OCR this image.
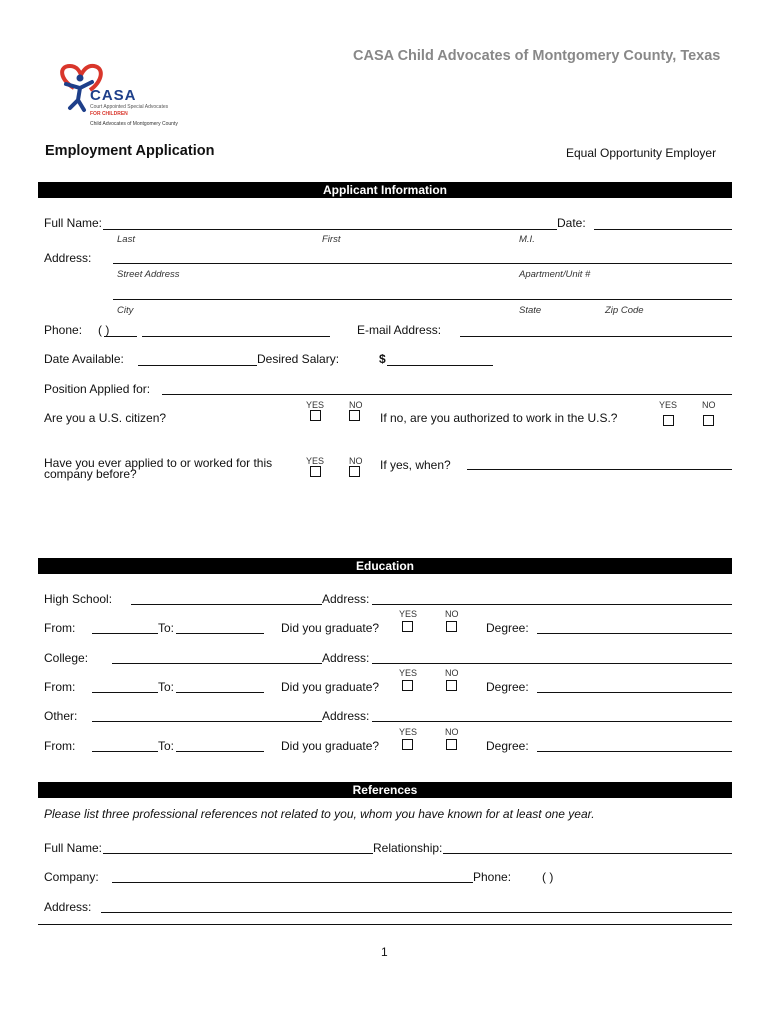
CASA Child Advocates of Montgomery County, Texas
CASA
Court Appointed Special Advocates
FOR CHILDREN
Child Advocates of Montgomery County
Employment Application	Equal Opportunity Employer
Applicant Information
Full Name:	Date:
Last	First	M.I.
Address:
Street Address	Apartment/Unit #
City	State	Zip Code
Phone: ( )	E-mail Address:
Date Available:	Desired Salary:	$
Position Applied for:
YES	NO
Are you a U.S. citizen?	If no, are you authorized to work in the U.S.?
YES	NO
YES	NO
Have you ever applied to or worked for this
company before?
If yes, when?
Education
High School:	Address:
YES	NO
From:	To:	Did you graduate?	Degree:
College:	Address:
YES	NO
From:	To:	Did you graduate?	Degree:
Other:	Address:
YES	NO
From:	To:	Did you graduate?	Degree:
References
Please list three professional references not related to you, whom you have known for at least one year.
Full Name:	Relationship:
Company:	Phone:	( )
Address:
1
